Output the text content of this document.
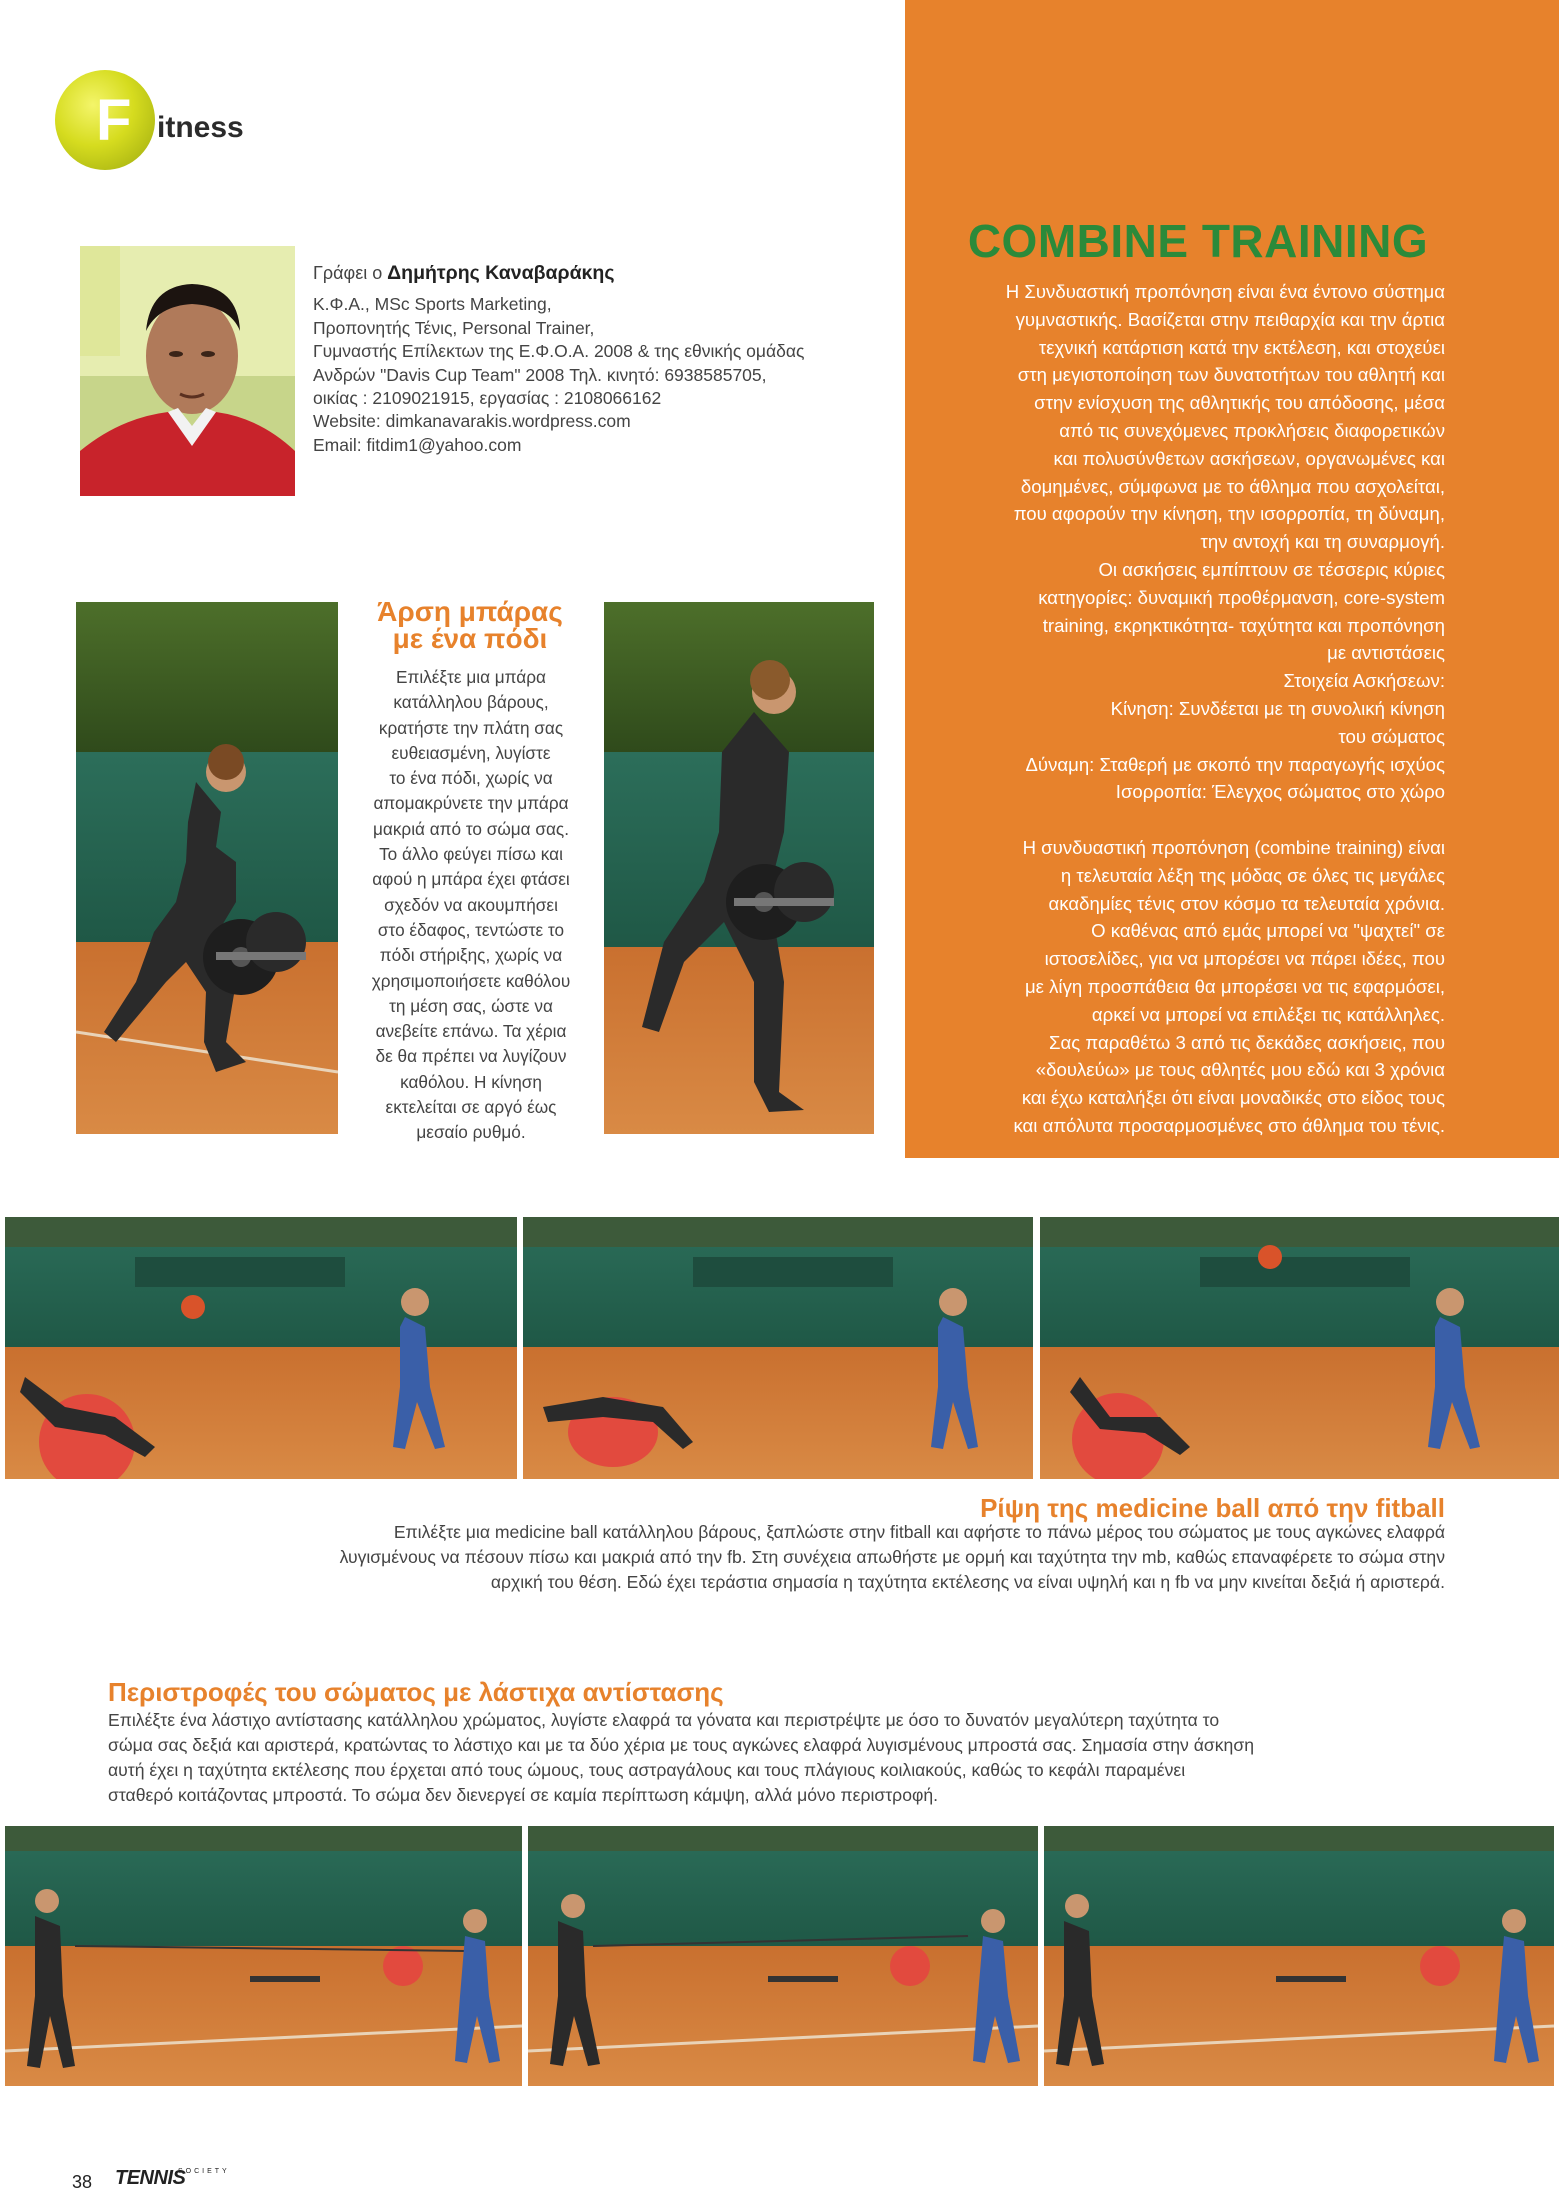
F itness
Γράφει ο Δημήτρης Καναβαράκης
Κ.Φ.Α., MSc Sports Marketing,
Προπονητής Τένις, Personal Trainer,
Γυμναστής Επίλεκτων της Ε.Φ.Ο.Α. 2008 & της εθνικής ομάδας
Ανδρών "Davis Cup Team" 2008 Τηλ. κινητό: 6938585705,
οικίας : 2109021915, εργασίας : 2108066162
Website: dimkanavarakis.wordpress.com
Email: fitdim1@yahoo.com
COMBINE TRAINING
Η Συνδυαστική προπόνηση είναι ένα έντονο σύστημα
γυμναστικής. Βασίζεται στην πειθαρχία και την άρτια
τεχνική κατάρτιση κατά την εκτέλεση, και στοχεύει
στη μεγιστοποίηση των δυνατοτήτων του αθλητή και
στην ενίσχυση της αθλητικής του απόδοσης, μέσα
από τις συνεχόμενες προκλήσεις διαφορετικών
και πολυσύνθετων ασκήσεων, οργανωμένες και
δομημένες, σύμφωνα με το άθλημα που ασχολείται,
που αφορούν την κίνηση, την ισορροπία, τη δύναμη,
την αντοχή και τη συναρμογή.
Οι ασκήσεις εμπίπτουν σε τέσσερις κύριες
κατηγορίες: δυναμική προθέρμανση, core-system
training, εκρηκτικότητα- ταχύτητα και προπόνηση
με αντιστάσεις
Στοιχεία Ασκήσεων:
Κίνηση: Συνδέεται με τη συνολική κίνηση
του σώματος
Δύναμη: Σταθερή με σκοπό την παραγωγής ισχύος
Ισορροπία: Έλεγχος σώματος στο χώρο
Η συνδυαστική προπόνηση (combine training) είναι
η τελευταία λέξη της μόδας σε όλες τις μεγάλες
ακαδημίες τένις στον κόσμο τα τελευταία χρόνια.
Ο καθένας από εμάς μπορεί να "ψαχτεί" σε
ιστοσελίδες, για να μπορέσει να πάρει ιδέες, που
με λίγη προσπάθεια θα μπορέσει να τις εφαρμόσει,
αρκεί να μπορεί να επιλέξει τις κατάλληλες.
Σας παραθέτω 3 από τις δεκάδες ασκήσεις, που
«δουλεύω» με τους αθλητές μου εδώ και 3 χρόνια
και έχω καταλήξει ότι είναι μοναδικές στο είδος τους
και απόλυτα προσαρμοσμένες στο άθλημα του τένις.
Άρση μπάρας
με ένα πόδι
Επιλέξτε μια μπάρα
κατάλληλου βάρους,
κρατήστε την πλάτη σας
ευθειασμένη, λυγίστε
το ένα πόδι, χωρίς να
απομακρύνετε την μπάρα
μακριά από το σώμα σας.
Το άλλο φεύγει πίσω και
αφού η μπάρα έχει φτάσει
σχεδόν να ακουμπήσει
στο έδαφος, τεντώστε το
πόδι στήριξης, χωρίς να
χρησιμοποιήσετε καθόλου
τη μέση σας, ώστε να
ανεβείτε επάνω. Τα χέρια
δε θα πρέπει να λυγίζουν
καθόλου. Η κίνηση
εκτελείται σε αργό έως
μεσαίο ρυθμό.
Ρίψη της medicine ball από την fitball
Επιλέξτε μια medicine ball κατάλληλου βάρους, ξαπλώστε στην fitball και αφήστε το πάνω μέρος του σώματος με τους αγκώνες ελαφρά
λυγισμένους να πέσουν πίσω και μακριά από την fb. Στη συνέχεια απωθήστε με ορμή και ταχύτητα την mb, καθώς επαναφέρετε το σώμα στην
αρχική του θέση. Εδώ έχει τεράστια σημασία η ταχύτητα εκτέλεσης να είναι υψηλή και η fb να μην κινείται δεξιά ή αριστερά.
Περιστροφές του σώματος με λάστιχα αντίστασης
Επιλέξτε ένα λάστιχο αντίστασης κατάλληλου χρώματος, λυγίστε ελαφρά τα γόνατα και περιστρέψτε με όσο το δυνατόν μεγαλύτερη ταχύτητα το
σώμα σας δεξιά και αριστερά, κρατώντας το λάστιχο και με τα δύο χέρια με τους αγκώνες ελαφρά λυγισμένους μπροστά σας. Σημασία στην άσκηση
αυτή έχει η ταχύτητα εκτέλεσης που έρχεται από τους ώμους, τους αστραγάλους και τους πλάγιους κοιλιακούς, καθώς το κεφάλι παραμένει
σταθερό κοιτάζοντας μπροστά. Το σώμα δεν διενεργεί σε καμία περίπτωση κάμψη, αλλά μόνο περιστροφή.
38 TENNIS
SOCIETY
